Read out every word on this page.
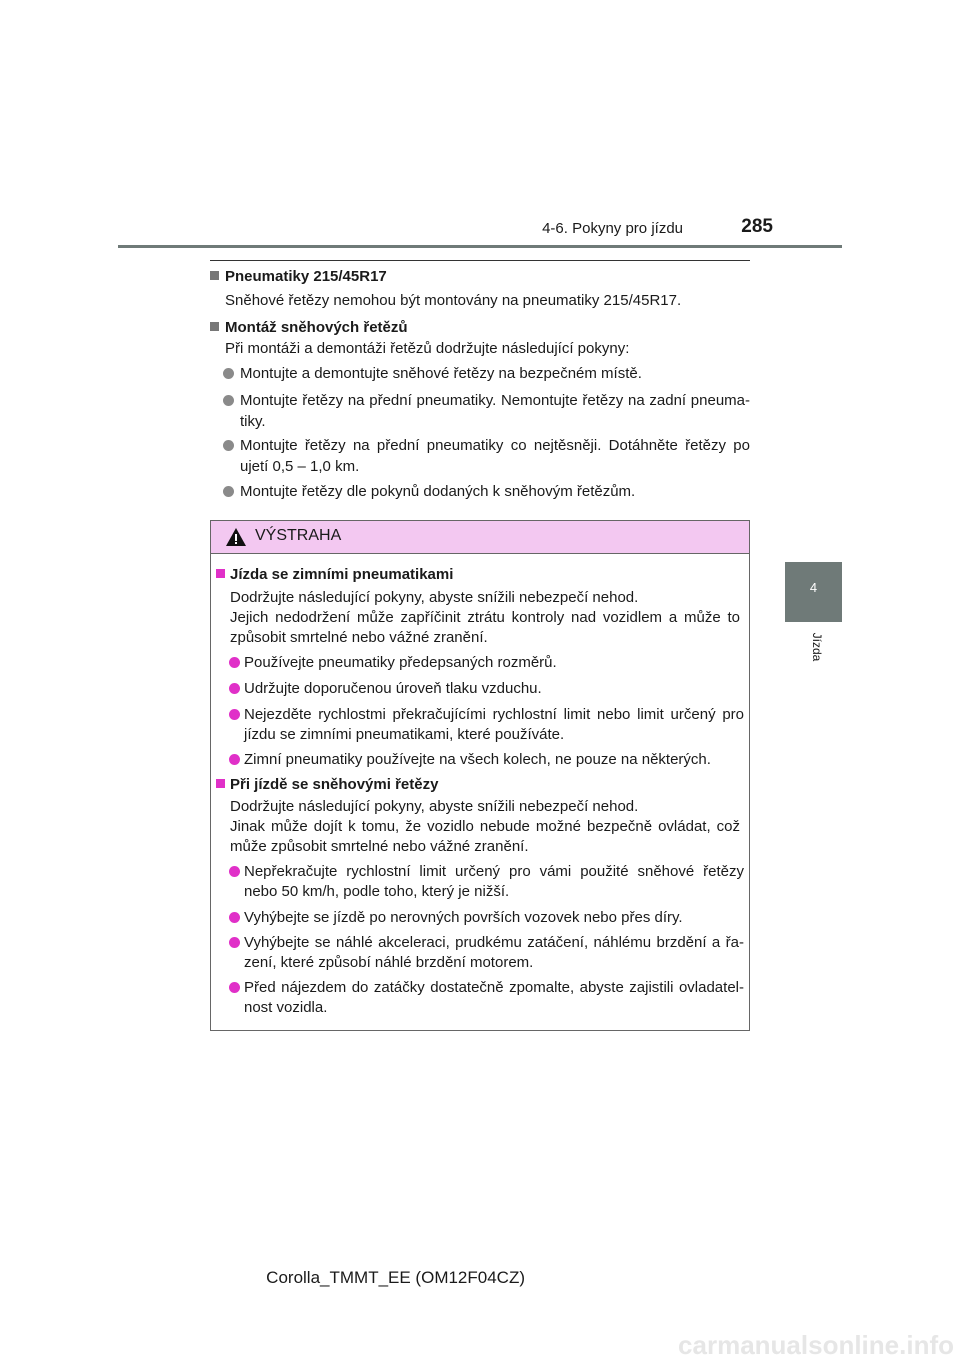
4-6. Pokyny pro jízdu	285
4
Jízda
Pneumatiky 215/45R17
Sněhové řetězy nemohou být montovány na pneumatiky 215/45R17.
Montáž sněhových řetězů
Při montáži a demontáži řetězů dodržujte následující pokyny:
Montujte a demontujte sněhové řetězy na bezpečném místě.
Montujte řetězy na přední pneumatiky. Nemontujte řetězy na zadní pneuma-
tiky.
Montujte řetězy na přední pneumatiky co nejtěsněji. Dotáhněte řetězy po
ujetí 0,5 – 1,0 km.
Montujte řetězy dle pokynů dodaných k sněhovým řetězům.
VÝSTRAHA
Jízda se zimními pneumatikami
Dodržujte následující pokyny, abyste snížili nebezpečí nehod.
Jejich nedodržení může zapříčinit ztrátu kontroly nad vozidlem a může to
způsobit smrtelné nebo vážné zranění.
Používejte pneumatiky předepsaných rozměrů.
Udržujte doporučenou úroveň tlaku vzduchu.
Nejezděte rychlostmi překračujícími rychlostní limit nebo limit určený pro
jízdu se zimními pneumatikami, které používáte.
Zimní pneumatiky používejte na všech kolech, ne pouze na některých.
Při jízdě se sněhovými řetězy
Dodržujte následující pokyny, abyste snížili nebezpečí nehod.
Jinak může dojít k tomu, že vozidlo nebude možné bezpečně ovládat, což
může způsobit smrtelné nebo vážné zranění.
Nepřekračujte rychlostní limit určený pro vámi použité sněhové řetězy
nebo 50 km/h, podle toho, který je nižší.
Vyhýbejte se jízdě po nerovných površích vozovek nebo přes díry.
Vyhýbejte se náhlé akceleraci, prudkému zatáčení, náhlému brzdění a řa-
zení, které způsobí náhlé brzdění motorem.
Před nájezdem do zatáčky dostatečně zpomalte, abyste zajistili ovladatel-
nost vozidla.
Corolla_TMMT_EE (OM12F04CZ)
carmanualsonline.info
